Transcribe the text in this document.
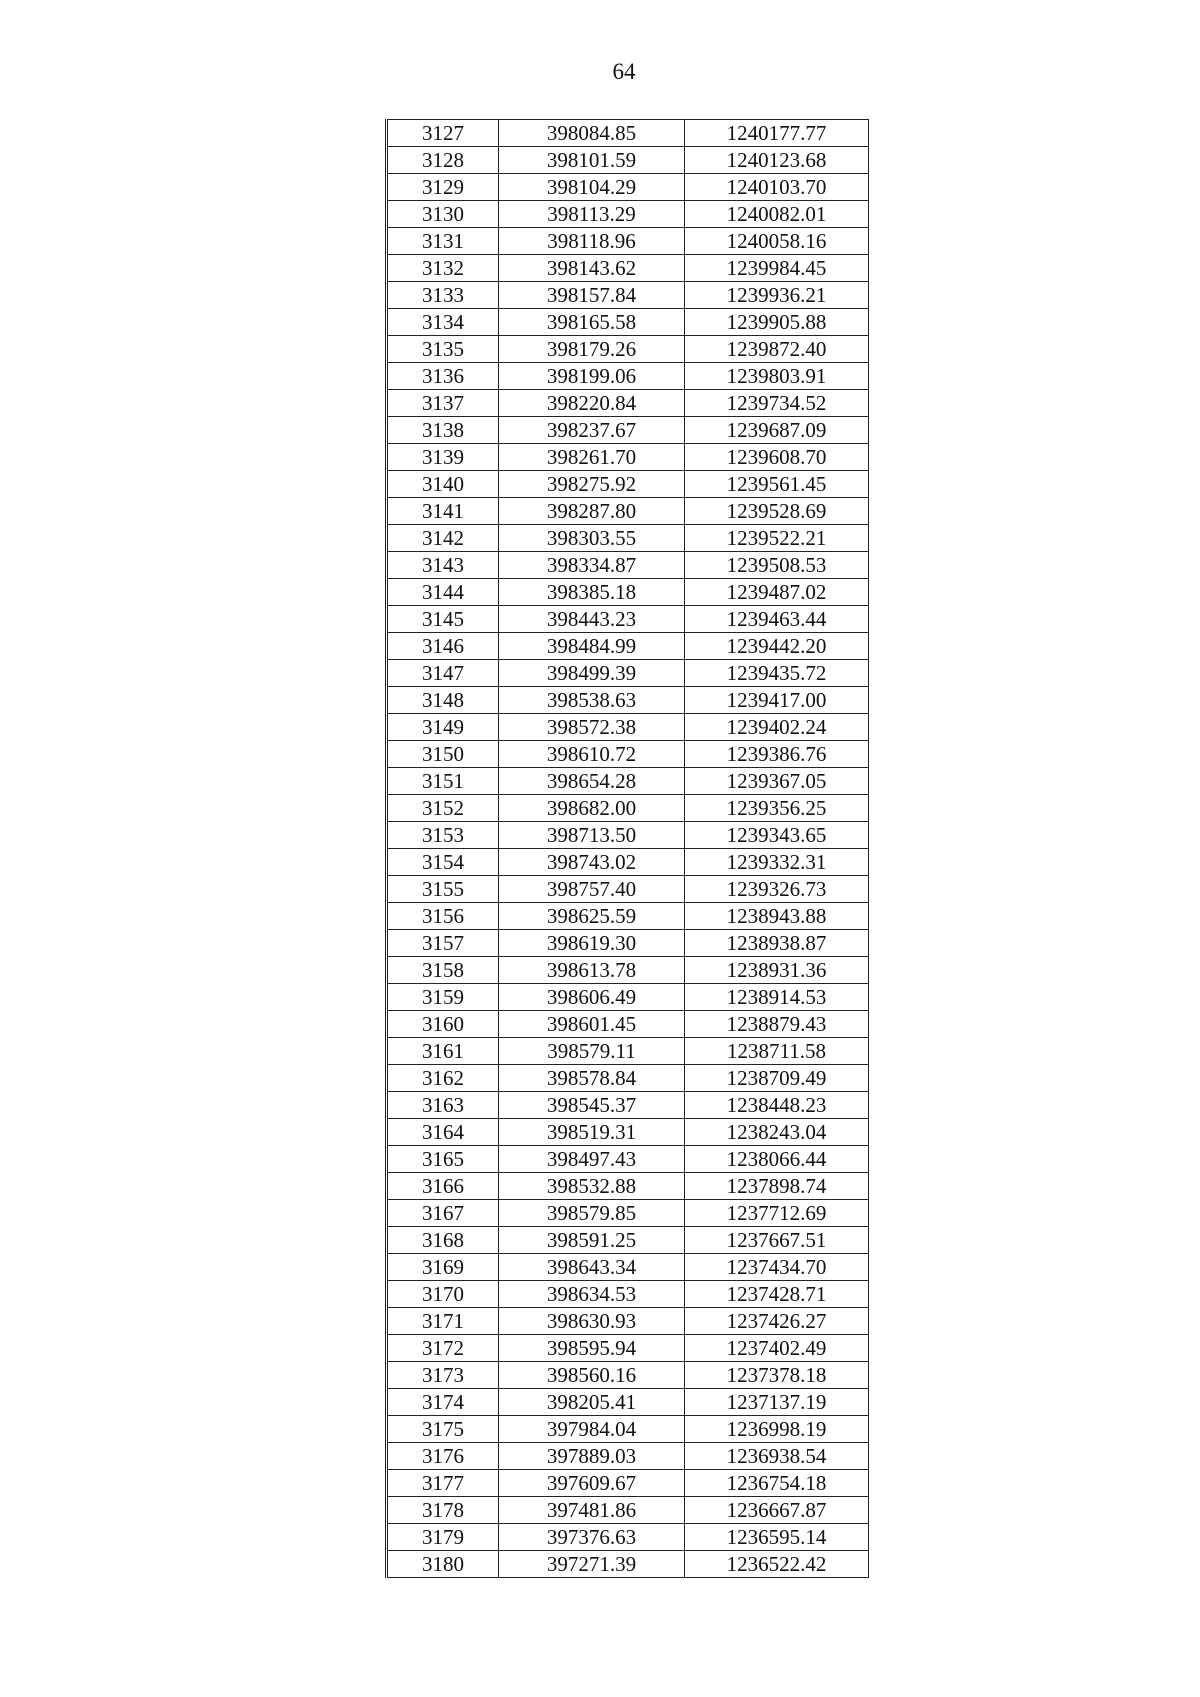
64
3127	398084.85	1240177.77
3128	398101.59	1240123.68
3129	398104.29	1240103.70
3130	398113.29	1240082.01
3131	398118.96	1240058.16
3132	398143.62	1239984.45
3133	398157.84	1239936.21
3134	398165.58	1239905.88
3135	398179.26	1239872.40
3136	398199.06	1239803.91
3137	398220.84	1239734.52
3138	398237.67	1239687.09
3139	398261.70	1239608.70
3140	398275.92	1239561.45
3141	398287.80	1239528.69
3142	398303.55	1239522.21
3143	398334.87	1239508.53
3144	398385.18	1239487.02
3145	398443.23	1239463.44
3146	398484.99	1239442.20
3147	398499.39	1239435.72
3148	398538.63	1239417.00
3149	398572.38	1239402.24
3150	398610.72	1239386.76
3151	398654.28	1239367.05
3152	398682.00	1239356.25
3153	398713.50	1239343.65
3154	398743.02	1239332.31
3155	398757.40	1239326.73
3156	398625.59	1238943.88
3157	398619.30	1238938.87
3158	398613.78	1238931.36
3159	398606.49	1238914.53
3160	398601.45	1238879.43
3161	398579.11	1238711.58
3162	398578.84	1238709.49
3163	398545.37	1238448.23
3164	398519.31	1238243.04
3165	398497.43	1238066.44
3166	398532.88	1237898.74
3167	398579.85	1237712.69
3168	398591.25	1237667.51
3169	398643.34	1237434.70
3170	398634.53	1237428.71
3171	398630.93	1237426.27
3172	398595.94	1237402.49
3173	398560.16	1237378.18
3174	398205.41	1237137.19
3175	397984.04	1236998.19
3176	397889.03	1236938.54
3177	397609.67	1236754.18
3178	397481.86	1236667.87
3179	397376.63	1236595.14
3180	397271.39	1236522.42
